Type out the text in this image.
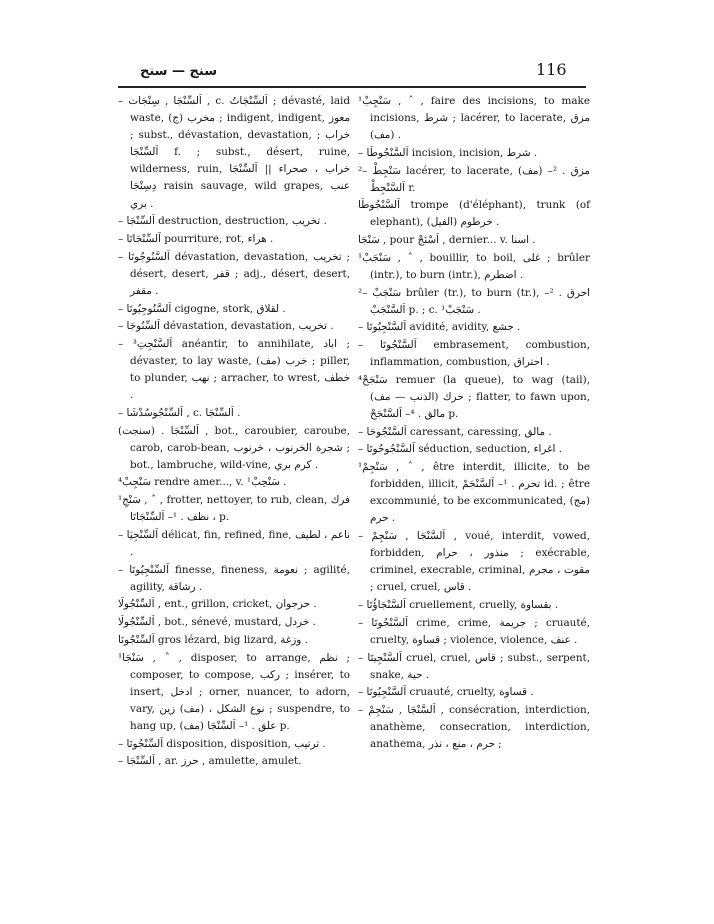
سنج — سنح	116
– اَلسِّنْجَا , سِنْجَات , c. اَلسِّنْجَاتُ ; dévasté, laid waste, (ج) مخرب ; indigent, indigent, معوز ; subst., dévastation, devastation, خراب ; اَلسِّنْجَا f. ; subst., désert, ruine, wilderness, ruin, خراب ، صحراء || اَلسِّنْجَا دِسِنْجَا raisin sauvage, wild grapes, عنب بري .
– اَلسِّنْجَا destruction, destruction, تخريب .
– اَلسِّنْجَاتَا pourriture, rot, هراء .
– اَلسَّنُوجُوتَا dévastation, devastation, تخريب ; désert, desert, قفر ; adj., désert, desert, مقفر .
– اَلسَّنُوجِيُوتَا cigogne, stork, لقلاق .
– اَلسِّنُوجَا dévastation, devastation, تخريب .
– اَلسَّنْجِتِ³ anéantir, to annihilate, اباد ; dévaster, to lay waste, (مف) خرب ; piller, to plunder, نهب ; arracher, to wrest, خطف .
– اَلسِّنْجُوسُدْشَا , c. اَلسِّنْجَا .
(سنجت) . اَلسِّنْجَا , bot., caroubier, caroube, carob, carob-bean, شجرة الخرنوب ، خرنوب ; bot., lambruche, wild-vine, كرم بري .
⁴سَنْجِبْ rendre amer..., v. ¹سَنْحِبْ .
¹سَنْجِ , ˆ , frotter, nettoyer, to rub, clean, فرك ، نظف . ¹– اَلسِّنْجَاتَا p.
– اَلسِّنْجِيَا délicat, fin, refined, fine, ناعم ، لطيف .
– اَلسِّنْجِيُوتَا finesse, fineness, نعومة ; agilité, agility, رشاقة .
اَلسِّنْجُولَا , ent., grillon, cricket, حرجوان .
اَلسِّنْجُولَا , bot., sénevé, mustard, خردل .
اَلسِّنْجُونَا gros lézard, big lizard, وزغة .
¹سَنْجَا , ˆ , disposer, to arrange, نظم ; composer, to compose, ركب ; insérer, to insert, ادخل ; orner, nuancer, to adorn, vary, نوع الشكل ، (مف) زين ; suspendre, to hang up, (مف) علق . ¹– اَلسِّنْجَا p.
– اَلسِّنْجُوتَا disposition, disposition, ترتيب .
– اَلسِّنْجَا , ar. حرز , amulette, amulet.
¹سَنْجِبْ , ˆ , faire des incisions, to make incisions, شرط ; lacérer, to lacerate, مزق (مف) .
– اَلسَّنْجُوطَا incision, incision, شرط .
²– سَنْجِطْ lacérer, to lacerate, (مف) مزق . ²– اَلسَّنْجِطْ r.
اَلسَّنْجُوطَا trompe (d'éléphant), trunk (of elephant), (الفيل) خرطوم .
سَنْجَا , pour اَسْنَجْ , dernier... v. اسنا .
¹سَنْجَبْ , ˆ , bouillir, to boil, غلى ; brûler (intr.), to burn (intr.), اضطرم .
²– سَنْجَبْ brûler (tr.), to burn (tr.), احرق . ²– اَلسَّنْجَبْ p. ; c. ¹سَنْجَبْ .
– اَلسَّنْجِيُوتَا avidité, avidity, جشع .
– اَلسَّنْجُوتَا embrasement, combustion, inflammation, combustion, احتراق .
⁴سَنْجَحْ remuer (la queue), to wag (tail), (الذنب — مف) حرك ; flatter, to fawn upon, مالق . ⁴– اَلسَّنْجَحْ p.
– اَلسَّنْجُوحَا caressant, caressing, مالق .
– اَلسَّنْجُوحُوتَا séduction, seduction, اغراء .
¹سَنْجِمْ , ˆ , être interdit, illicite, to be forbidden, illicit, تحرم . ¹– اَلسَّنْجَمْ id. ; être excommunié, to be excommunicated, (مج) حرم .
– اَلسَّنْجَا , سَنْجِمْ , voué, interdit, vowed, forbidden, منذور ، حرام ; exécrable, criminel, execrable, criminal, مقوت ، مجرم ; cruel, cruel, قاس .
– اَلسَّنْجَاؤُتَا cruellement, cruelly, بقساوة .
– اَلسَّنْجُوتَا crime, crime, جريمة ; cruauté, cruelty, قساوة ; violence, violence, عنف .
– اَلسَّنْجِيتَا cruel, cruel, قاس ; subst., serpent, snake, حية .
– اَلسَّنْجِيُوتَا cruauté, cruelty, قساوة .
– اَلسَّنْجَا , سَنْجِمْ , consécration, interdiction, anathème, consecration, interdiction, anathema, حرم ، منع ، نذر ;
